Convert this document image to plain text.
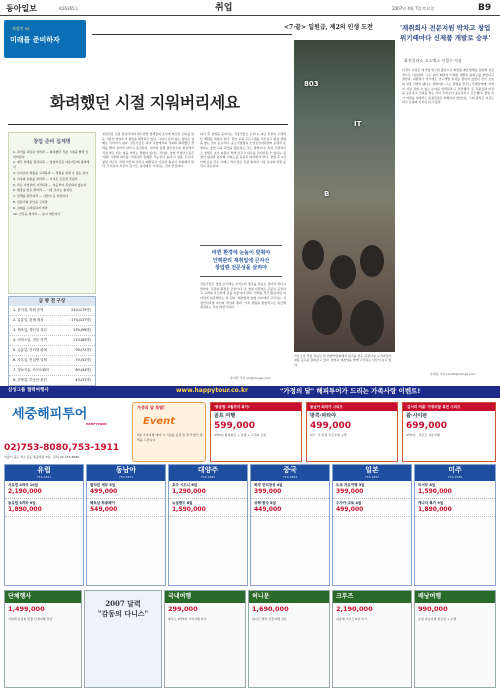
동아일보	제26365호	취업	2007년 4월 7일 토요일	B9
직장인 vs
미래를 준비하자
<7·끝> 일원급, 제2의 인생 도전
화려했던 시절 지워버리세요
창업 준비 십계명

1. 과거를 과감히 잊어라 — 화려했던 직장 시절을 빨리 잊어버린다

2. 재무 상태를 점검하라 — 창업자금은 여유자금의 범위에서

3. 나이보다 업종을 고려하라 — 경험을 살릴 수 있는 분야

4. 가족의 동의를 얻어라 — 가족은 든든한 후원자

5. 작은 사업부터 시작하라 — 처음부터 욕심내지 않는다

6. 현장을 발로 뛰어라 — 시장 조사는 철저히

7. 인맥을 관리하라 — 사람이 곧 자산이다

8. 전문가의 조언을 구하라

9. 실패를 두려워하지 마라

10. 건강을 챙겨라 — 몸이 재산이다

금 방 전 구상
1. 음식점, 학원 운영	23%(179명)
2. 유통업, 판매 매장	17%(137명)
3. 제조업, 생산업 창업	13%(98명)
4. 서비스업, 전문 자격	11%(85명)
5. 유통업, 인터넷 판매	9%(72명)
6. 사무실, 컨설팅 업체	7%(52명)
7. 정보기술, 소프트웨어	6%(44명)
8. 건축업, 부동산 관련	4%(31명)
취업전문 포털 잡코리아와 헤드헌팅 업체들의 조사에 따르면 은퇴를 앞둔 직장인 상당수가 창업을 희망하고 있다. 그러나 준비 없는 창업은 실패로 이어지기 쉽다. 전문가들은 과거 직장에서의 직위와 화려했던 경력을 빨리 잊어야 한다고 조언한다. 대기업 임원 출신일수록 현장에서 직접 발로 뛰는 일을 꺼리는 경향이 있다는 것이다. 창업 컨설턴트들은 '임원 시절의 대우를 기대하면 실패할 가능성이 높다'고 입을 모은다. 창업 자금은 전체 자산의 일부로 제한하고 가족과 충분히 상의해야 한다. 무엇보다 자신이 잘 아는 분야에서 시작하는 것이 안전하다.
퇴직 후 창업을 준비하는 직장인들은 은퇴 1~2년 전부터 구체적인 계획을 세워야 한다. 관련 교육 프로그램을 이수하고 현장 경험을 쌓는 것이 중요하다. 중소기업청과 소상공인지원센터 등에서 운영하는 창업 교육 과정을 활용하는 것도 방법이다. 특히 프랜차이즈 창업은 초기 비용이 적게 들고 노하우를 전수받을 수 있다는 장점이 있지만 본사의 신뢰도를 꼼꼼히 따져봐야 한다. 창업 후 1년 안에 문을 닫는 사례도 적지 않은 만큼 철저한 시장 조사와 상권 분석이 필요하다.
바뀐 환경에 눈높이 맞춰야
인맥관리 재취업에 큰자산
창업땐 전문성을 살려야
전문가들은 창업 초기에는 수익보다 생존을 목표로 삼아야 한다고 말한다. 무리한 확장은 금물이다. 또 창업 이후에도 꾸준히 공부하고 고객의 목소리에 귀를 기울여야 한다. 인맥을 적극 활용하되 지나치게 의존해서는 안 된다. 재취업과 창업 사이에서 고민하는 직장인이라면 자신의 적성과 체력, 가족 상황을 종합적으로 판단해 결정하는 것이 바람직하다.
윤석만 기자 sm@donga.com
803
IT
B
7일 오전 서울 강남구 한 취업박람회에서 퇴직을 앞둔 중장년층 구직자들이 채용 공고를 살펴보고 있다. 창업과 재취업을 함께 고민하는 이들이 늘고 있다.
'재취회사 전문지원 박차고 창업
위기때마다 신제품 개발로 승부'
화진플러스 코스맥스 이경수 사장
이경수 사장은 대기업 연구원 출신으로 화장품 제조업체를 창업해 성공적으로 키워냈다. 그는 위기 때마다 신제품 개발로 돌파구를 찾았다고 말한다. 외환위기 당시에도 연구개발 투자를 줄이지 않았던 것이 오늘의 성장 기반이 됐다는 설명이다. 그는 창업을 꿈꾸는 후배들에게 '자신이 가장 잘할 수 있는 분야를 선택하라'고 조언했다. 또 직원들과 비전을 공유하고 신뢰를 쌓는 것이 무엇보다 중요하다고 강조했다. 창업 초기 어려움 속에서도 품질만큼은 타협하지 않았다는 그의 원칙은 지금도 회사 운영의 기본이 되고 있다.
유재동 기자 jarrett@donga.com
삼성그룹 협력여행사	www.happytour.co.kr	"가정의 달" 해피투어가 드리는 가족사랑 이벤트!
세중해피투어
HAPPYTOUR
02)753-8080,753-1911
서울시 중구 서소문동 세중빌딩 3층 · 문의 02-753-8080
가정의 달 특별!
Event
5월 가족여행 예약 시 기념품 증정 및 추가 할인 혜택을 드립니다.
'항공권' 5월까지 특가!
골프 여행
599,000
3박4일 왕복항공 + 호텔 + 그린피 포함
동남아 최저가 시리즈
방콕·파타야
499,000
5일 · 전 일정 특급호텔 숙박
'김서리 여름' 가정의달 특전 시리즈
괌·사이판
699,000
4박5일 · 리조트 자유여행
유럽
753-1821
서유럽 4개국 10일
2,190,000
동유럽 5개국 9일
1,890,000
동남아
753-1871
필리핀 세부 5일
499,000
베트남 하롱베이
549,000
대양주
753-1865
호주 시드니 6일
1,290,000
뉴질랜드 8일
1,590,000
중국
753-1804
북경 만리장성 4일
399,000
상해·항주 5일
449,000
일본
753-1837
도쿄 자유여행 3일
399,000
오사카·교토 4일
499,000
미주
753-1838
미서부 8일
1,590,000
캐나다 록키 9일
1,890,000
단체행사
1,499,000
기업체·동창회 맞춤 단체여행 상담
2007 달력
"감동의 다니스"
국내여행
299,000
제주도 2박3일 가족여행 특가
허니문
1,690,000
몰디브·발리 신혼여행 전문
크루즈
2,190,000
지중해 크루즈 8일 특가
배낭여행
990,000
유럽 자유여행 항공권 + 호텔
